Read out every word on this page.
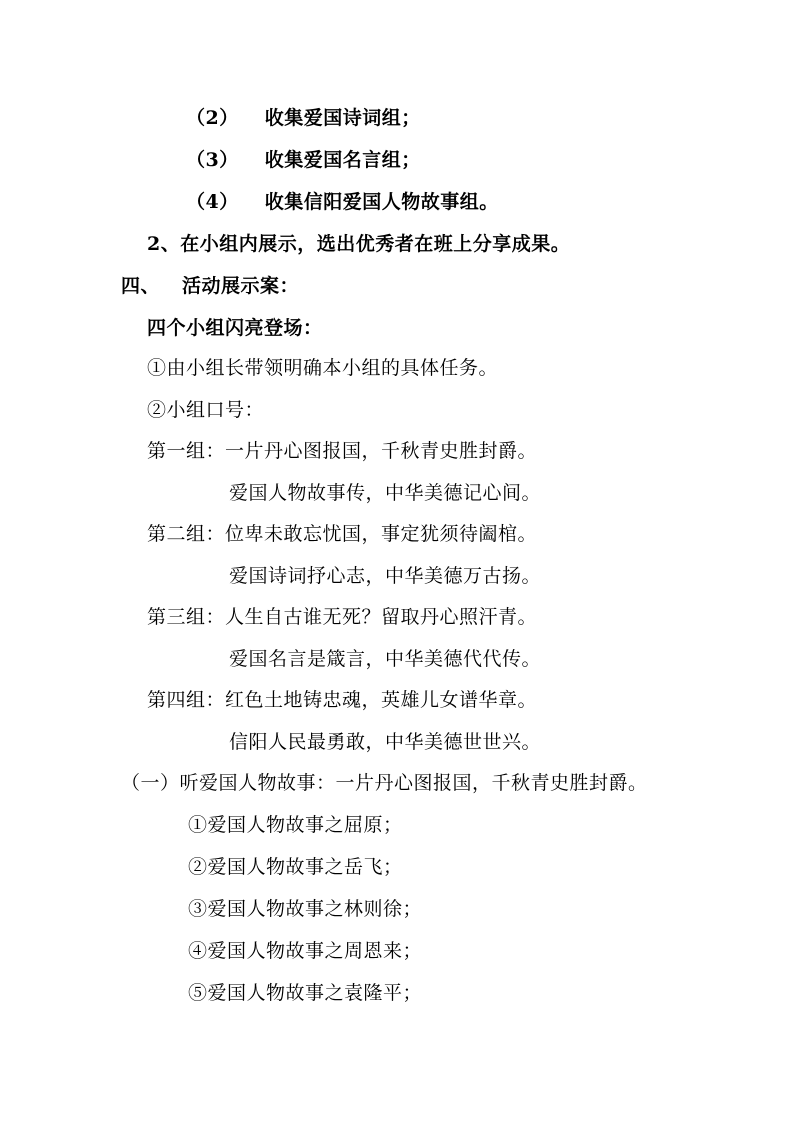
（2） 收集爱国诗词组；
（3） 收集爱国名言组；
（4） 收集信阳爱国人物故事组。
2、在小组内展示，选出优秀者在班上分享成果。
四、 活动展示案：
四个小组闪亮登场：
①由小组长带领明确本小组的具体任务。
②小组口号：
第一组：一片丹心图报国，千秋青史胜封爵。
爱国人物故事传，中华美德记心间。
第二组：位卑未敢忘忧国，事定犹须待阖棺。
爱国诗词抒心志，中华美德万古扬。
第三组：人生自古谁无死？留取丹心照汗青。
爱国名言是箴言，中华美德代代传。
第四组：红色土地铸忠魂，英雄儿女谱华章。
信阳人民最勇敢，中华美德世世兴。
（一）听爱国人物故事：一片丹心图报国，千秋青史胜封爵。
①爱国人物故事之屈原；
②爱国人物故事之岳飞；
③爱国人物故事之林则徐；
④爱国人物故事之周恩来；
⑤爱国人物故事之袁隆平；
